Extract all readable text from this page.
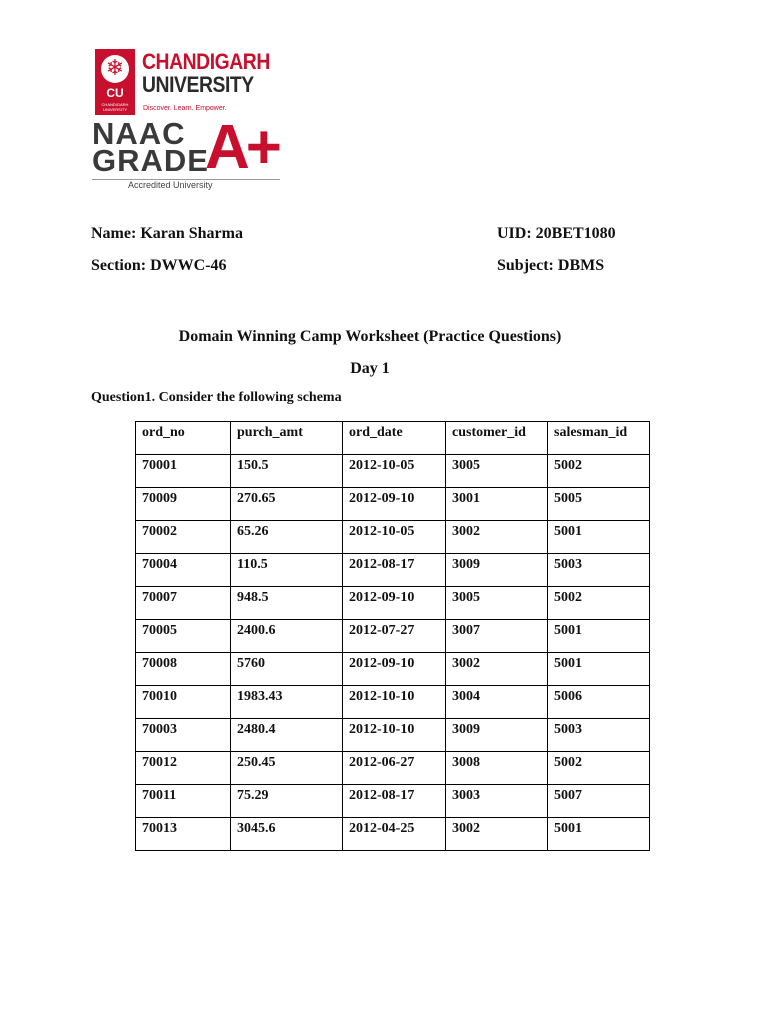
❄
CU
CHANDIGARH UNIVERSITY
CHANDIGARH
UNIVERSITY
Discover. Learn. Empower.
NAAC
GRADE
A+
Accredited University
Name: Karan Sharma	UID: 20BET1080
Section: DWWC-46	Subject: DBMS
Domain Winning Camp Worksheet (Practice Questions)
Day 1
Question1. Consider the following schema
ord_no	purch_amt	ord_date	customer_id	salesman_id
70001	150.5	2012-10-05	3005	5002
70009	270.65	2012-09-10	3001	5005
70002	65.26	2012-10-05	3002	5001
70004	110.5	2012-08-17	3009	5003
70007	948.5	2012-09-10	3005	5002
70005	2400.6	2012-07-27	3007	5001
70008	5760	2012-09-10	3002	5001
70010	1983.43	2012-10-10	3004	5006
70003	2480.4	2012-10-10	3009	5003
70012	250.45	2012-06-27	3008	5002
70011	75.29	2012-08-17	3003	5007
70013	3045.6	2012-04-25	3002	5001
